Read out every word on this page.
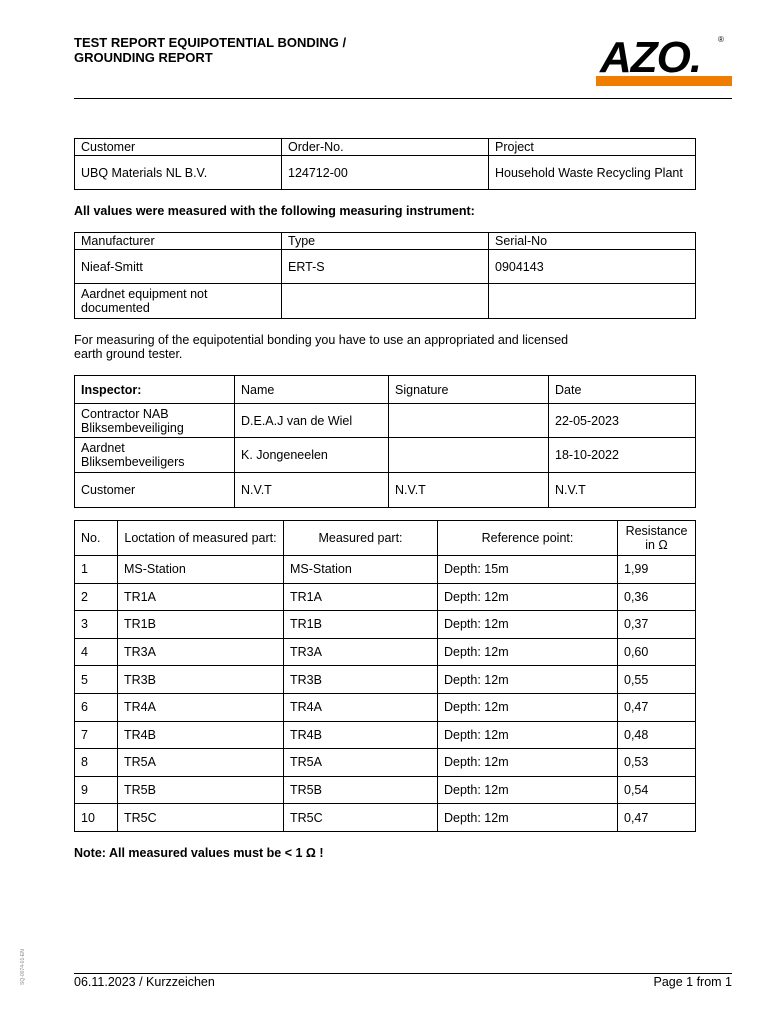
TEST REPORT EQUIPOTENTIAL BONDING /
GROUNDING REPORT	AZO. ®
Customer	Order-No.	Project
UBQ Materials NL B.V.	124712-00	Household Waste Recycling Plant
All values were measured with the following measuring instrument:
Manufacturer	Type	Serial-No
Nieaf-Smitt	ERT-S	0904143
Aardnet equipment not documented		
For measuring of the equipotential bonding you have to use an appropriated and licensed
earth ground tester.
Inspector:	Name	Signature	Date
Contractor NAB Bliksembeveiliging	D.E.A.J van de Wiel		22-05-2023
Aardnet Bliksembeveiligers	K. Jongeneelen		18-10-2022
Customer	N.V.T	N.V.T	N.V.T
No.	Loctation of measured part:	Measured part:	Reference point:	Resistance in Ω
1	MS-Station	MS-Station	Depth: 15m	1,99
2	TR1A	TR1A	Depth: 12m	0,36
3	TR1B	TR1B	Depth: 12m	0,37
4	TR3A	TR3A	Depth: 12m	0,60
5	TR3B	TR3B	Depth: 12m	0,55
6	TR4A	TR4A	Depth: 12m	0,47
7	TR4B	TR4B	Depth: 12m	0,48
8	TR5A	TR5A	Depth: 12m	0,53
9	TR5B	TR5B	Depth: 12m	0,54
10	TR5C	TR5C	Depth: 12m	0,47
Note: All measured values must be < 1 Ω !
06.11.2023 / Kurzzeichen	Page 1 from 1
SQ-0074-01-EN
